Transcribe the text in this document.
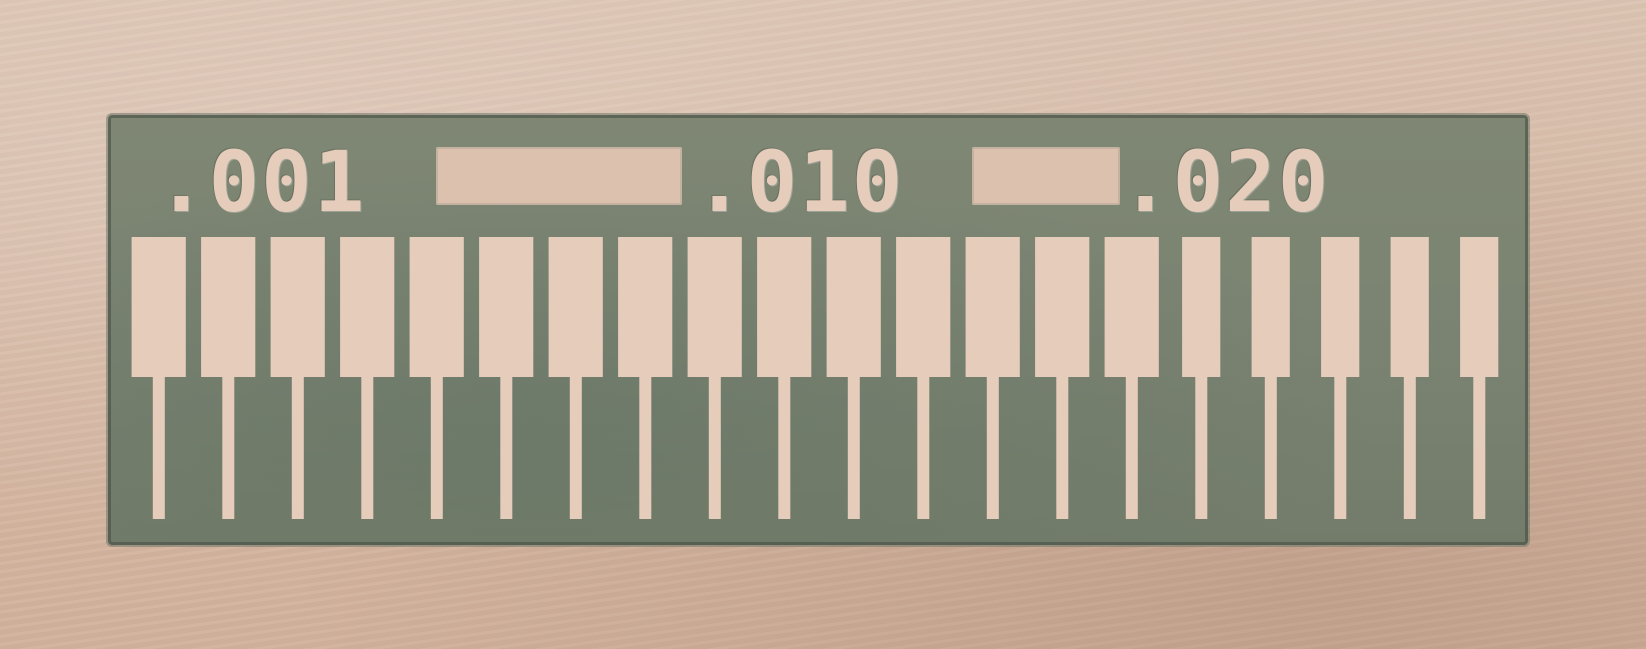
.001	.010	.020
